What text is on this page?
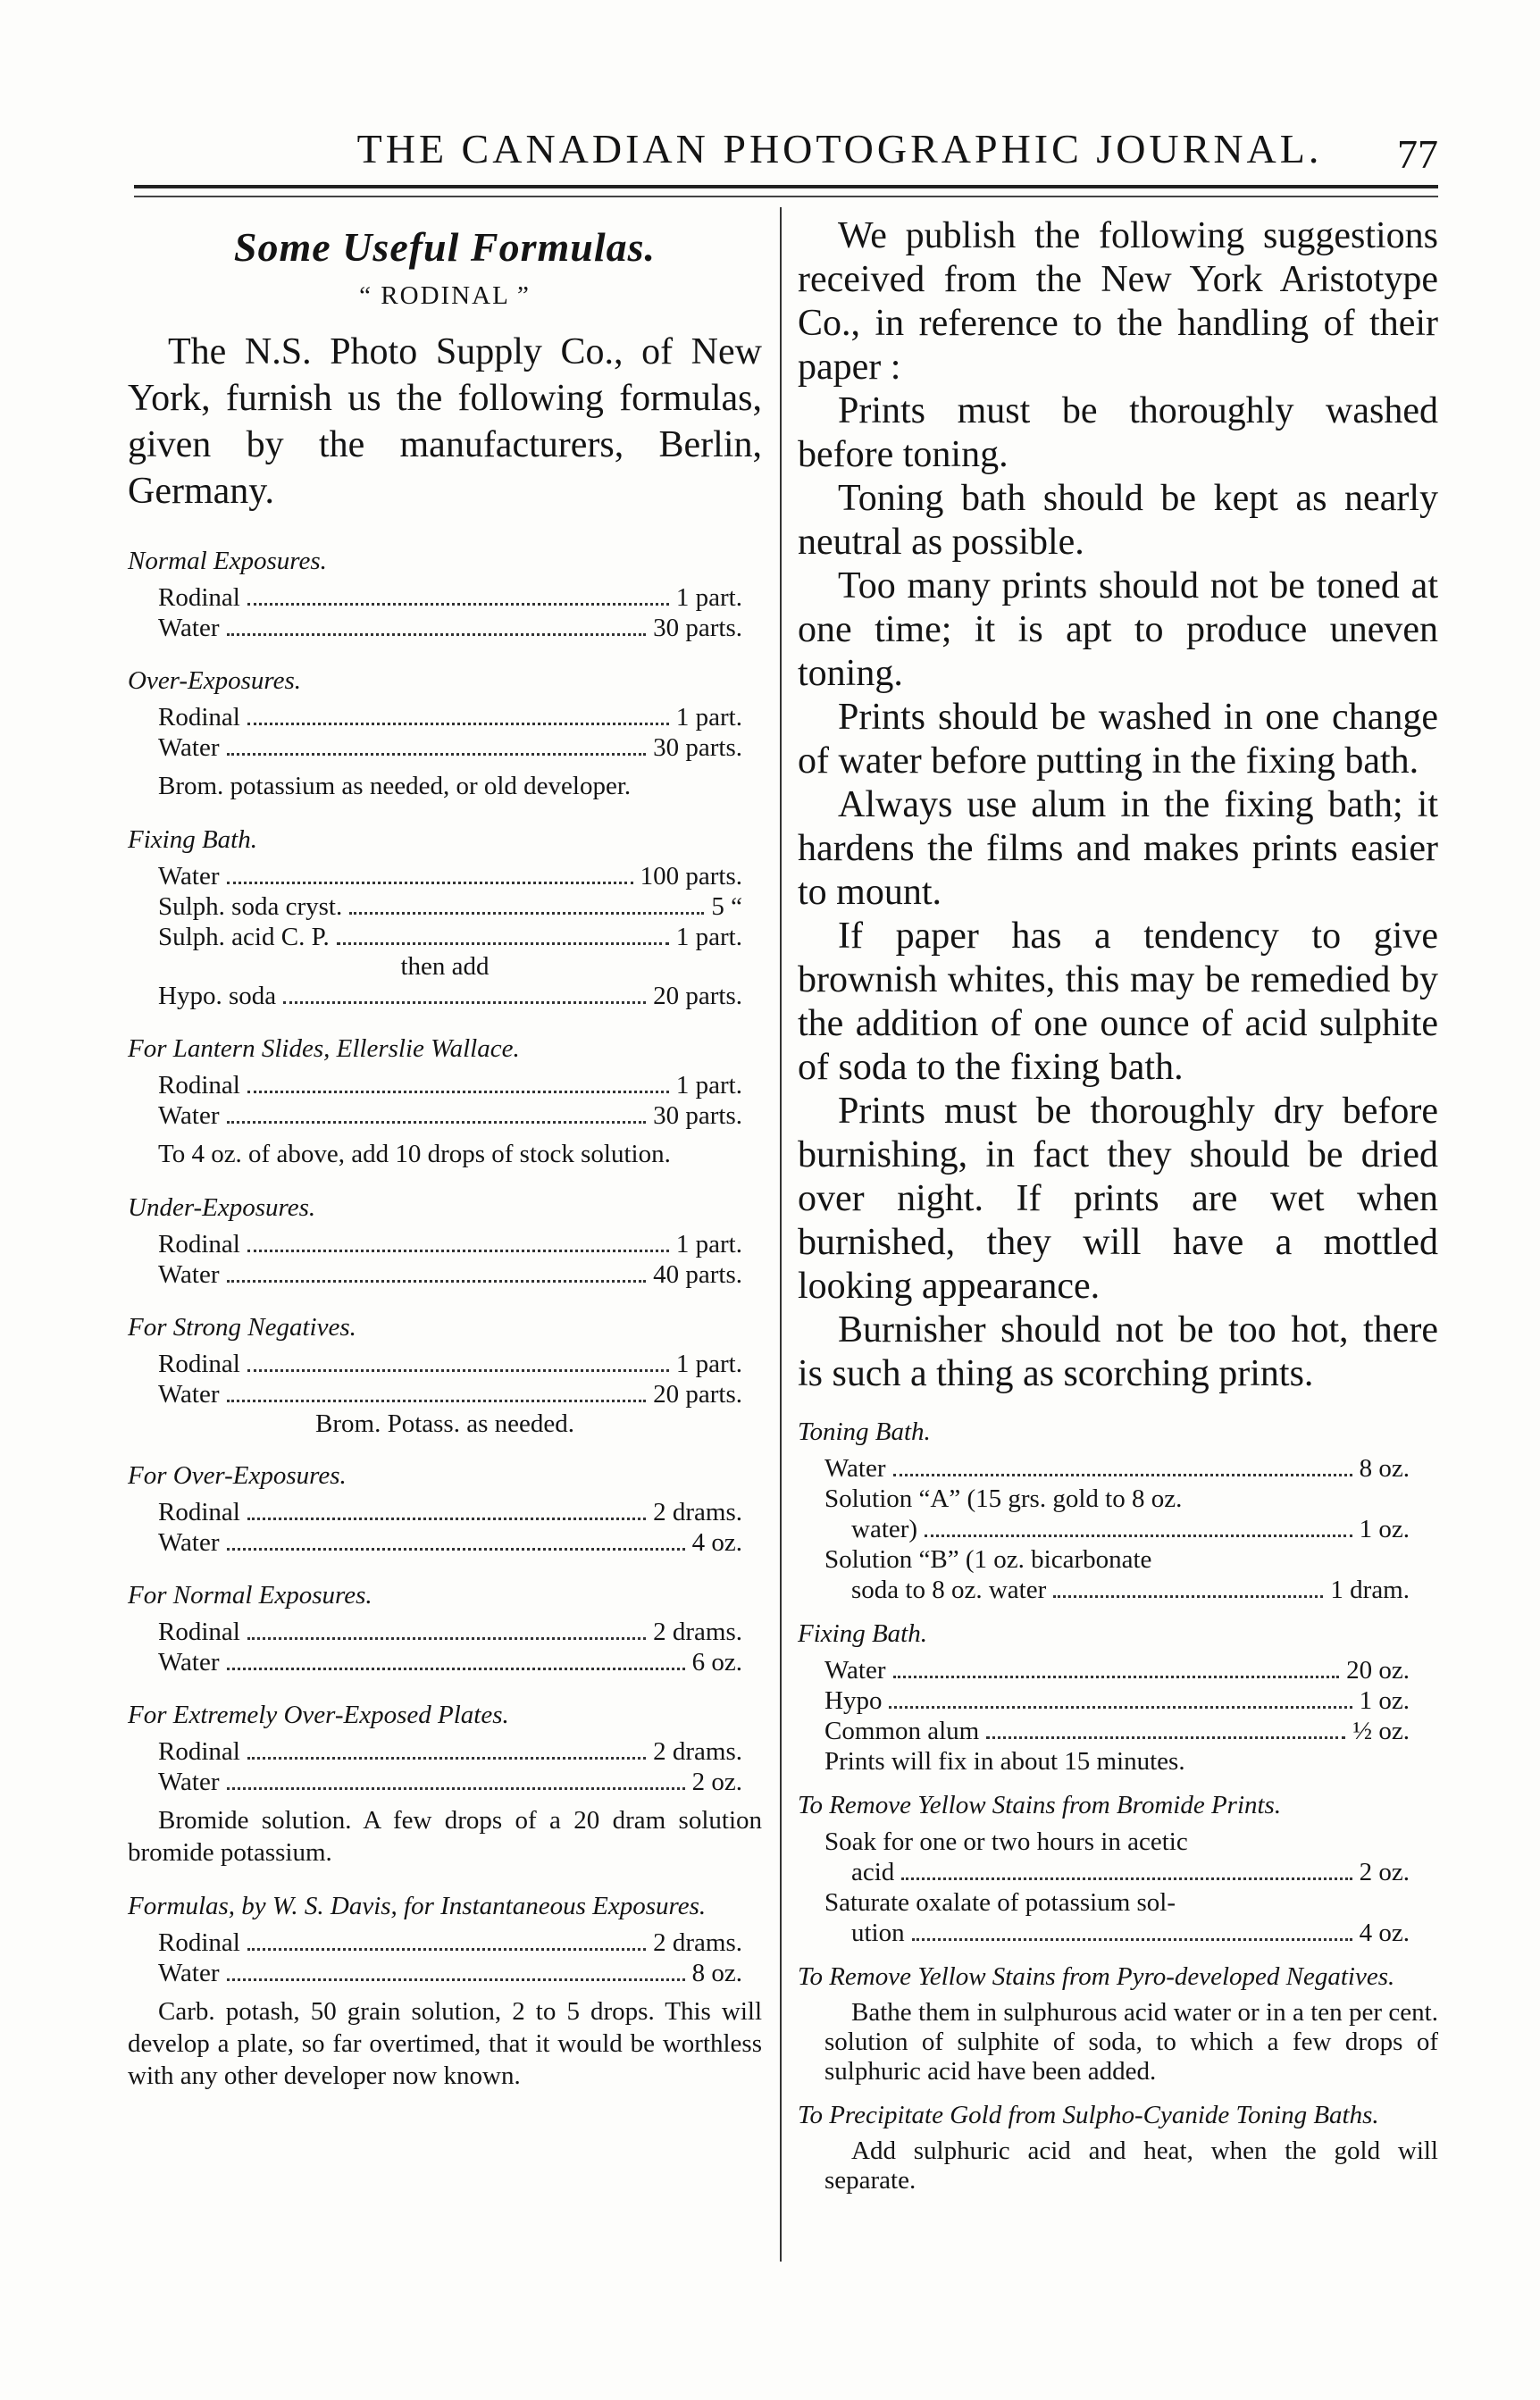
THE CANADIAN PHOTOGRAPHIC JOURNAL. 77
Some Useful Formulas.
“ RODINAL ”

The N.S. Photo Supply Co., of New York, furnish us the following formulas, given by the manufacturers, Berlin, Germany.

Normal Exposures.
Rodinal	1 part.
Water	30 parts.
Over-Exposures.
Rodinal	1 part.
Water	30 parts.
Brom. potassium as needed, or old developer.
Fixing Bath.
Water	100 parts.
Sulph. soda cryst.	5 “
Sulph. acid C. P.	1 part.
then add
Hypo. soda	20 parts.
For Lantern Slides, Ellerslie Wallace.
Rodinal	1 part.
Water	30 parts.
To 4 oz. of above, add 10 drops of stock solution.
Under-Exposures.
Rodinal	1 part.
Water	40 parts.
For Strong Negatives.
Rodinal	1 part.
Water	20 parts.
Brom. Potass. as needed.
For Over-Exposures.
Rodinal	2 drams.
Water	4 oz.
For Normal Exposures.
Rodinal	2 drams.
Water	6 oz.
For Extremely Over-Exposed Plates.
Rodinal	2 drams.
Water	2 oz.
Bromide solution. A few drops of a 20 dram solution bromide potassium.
Formulas, by W. S. Davis, for Instantaneous Exposures.
Rodinal	2 drams.
Water	8 oz.
Carb. potash, 50 grain solution, 2 to 5 drops. This will develop a plate, so far overtimed, that it would be worthless with any other developer now known.

We publish the following suggestions received from the New York Aristotype Co., in reference to the handling of their paper :

Prints must be thoroughly washed before toning.

Toning bath should be kept as nearly neutral as possible.

Too many prints should not be toned at one time; it is apt to produce uneven toning.

Prints should be washed in one change of water before putting in the fixing bath.

Always use alum in the fixing bath; it hardens the films and makes prints easier to mount.

If paper has a tendency to give brownish whites, this may be remedied by the addition of one ounce of acid sulphite of soda to the fixing bath.

Prints must be thoroughly dry before burnishing, in fact they should be dried over night. If prints are wet when burnished, they will have a mottled looking appearance.

Burnisher should not be too hot, there is such a thing as scorching prints.

Toning Bath.
Water	8 oz.
Solution “A” (15 grs. gold to 8 oz.
water)	1 oz.
Solution “B” (1 oz. bicarbonate
soda to 8 oz. water	1 dram.
Fixing Bath.
Water	20 oz.
Hypo	1 oz.
Common alum	½ oz.
Prints will fix in about 15 minutes.
To Remove Yellow Stains from Bromide Prints.
Soak for one or two hours in acetic
acid	2 oz.
Saturate oxalate of potassium sol-
ution	4 oz.
To Remove Yellow Stains from Pyro-developed Negatives.
Bathe them in sulphurous acid water or in a ten per cent. solution of sulphite of soda, to which a few drops of sulphuric acid have been added.
To Precipitate Gold from Sulpho-Cyanide Toning Baths.
Add sulphuric acid and heat, when the gold will separate.
